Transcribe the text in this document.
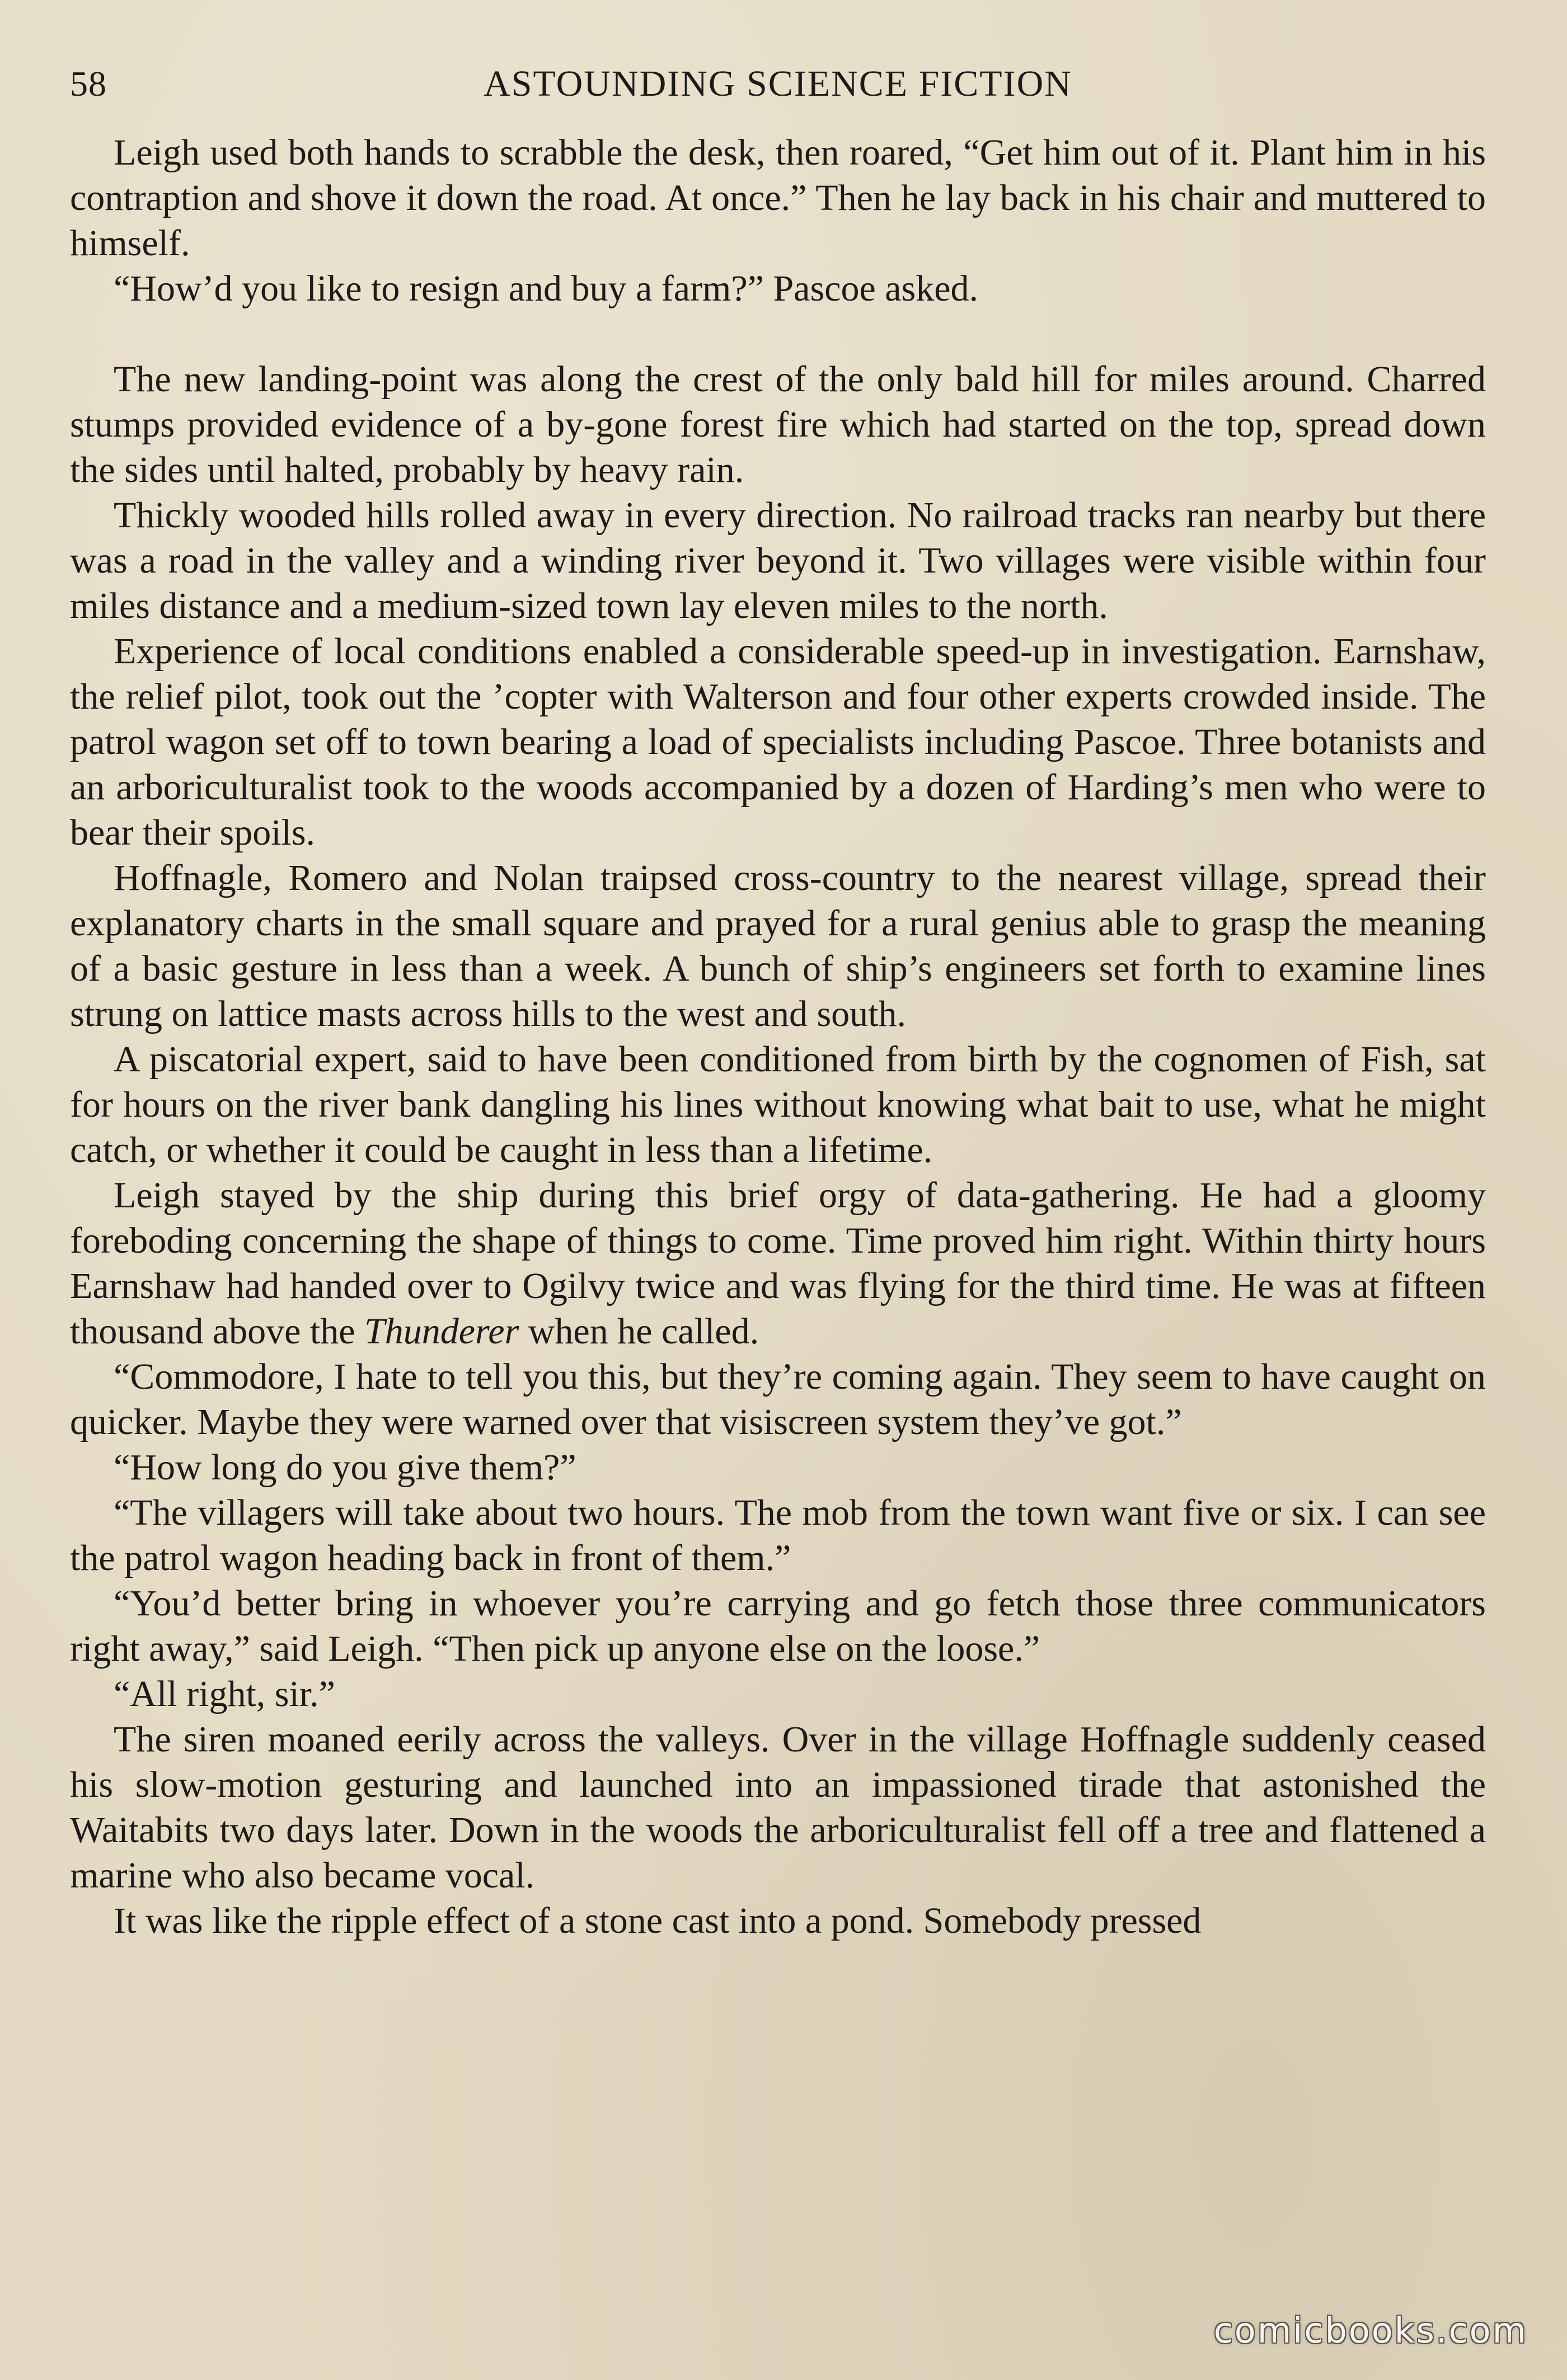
58	ASTOUNDING SCIENCE FICTION

Leigh used both hands to scrabble the desk, then roared, “Get him out of it. Plant him in his contraption and shove it down the road. At once.” Then he lay back in his chair and muttered to himself.

“How’d you like to resign and buy a farm?” Pascoe asked.

The new landing-point was along the crest of the only bald hill for miles around. Charred stumps provided evidence of a by-gone forest fire which had started on the top, spread down the sides until halted, probably by heavy rain.

Thickly wooded hills rolled away in every direction. No railroad tracks ran nearby but there was a road in the valley and a winding river beyond it. Two villages were visible within four miles distance and a medium-sized town lay eleven miles to the north.

Experience of local conditions enabled a considerable speed-up in investigation. Earnshaw, the relief pilot, took out the ’copter with Walterson and four other experts crowded inside. The patrol wagon set off to town bearing a load of specialists including Pascoe. Three botanists and an arboriculturalist took to the woods accompanied by a dozen of Harding’s men who were to bear their spoils.

Hoffnagle, Romero and Nolan traipsed cross-country to the nearest village, spread their explanatory charts in the small square and prayed for a rural genius able to grasp the meaning of a basic gesture in less than a week. A bunch of ship’s engineers set forth to examine lines strung on lattice masts across hills to the west and south.

A piscatorial expert, said to have been conditioned from birth by the cognomen of Fish, sat for hours on the river bank dangling his lines without knowing what bait to use, what he might catch, or whether it could be caught in less than a lifetime.

Leigh stayed by the ship during this brief orgy of data-gathering. He had a gloomy foreboding concerning the shape of things to come. Time proved him right. Within thirty hours Earnshaw had handed over to Ogilvy twice and was flying for the third time. He was at fifteen thousand above the Thunderer when he called.

“Commodore, I hate to tell you this, but they’re coming again. They seem to have caught on quicker. Maybe they were warned over that visiscreen system they’ve got.”

“How long do you give them?”

“The villagers will take about two hours. The mob from the town want five or six. I can see the patrol wagon heading back in front of them.”

“You’d better bring in whoever you’re carrying and go fetch those three communicators right away,” said Leigh. “Then pick up anyone else on the loose.”

“All right, sir.”

The siren moaned eerily across the valleys. Over in the village Hoffnagle suddenly ceased his slow-motion gesturing and launched into an impassioned tirade that astonished the Waitabits two days later. Down in the woods the arboriculturalist fell off a tree and flattened a marine who also became vocal.

It was like the ripple effect of a stone cast into a pond. Somebody pressed

comicbooks.com
